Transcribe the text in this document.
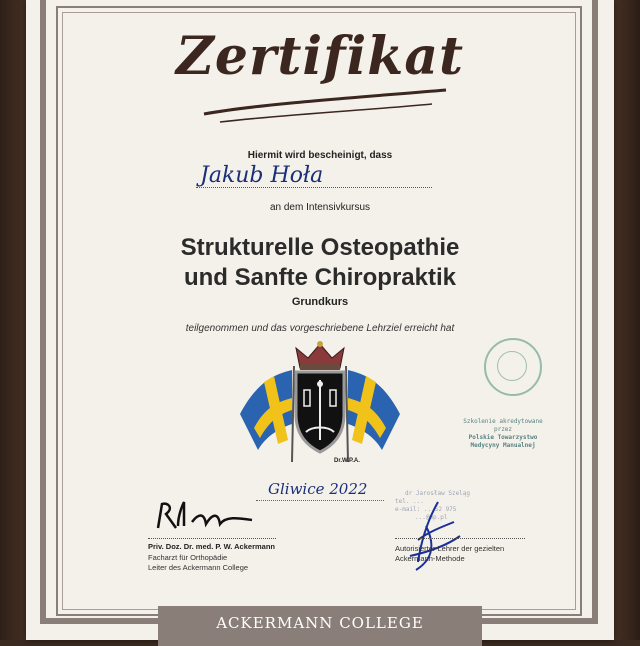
Zertifikat
Hiermit wird bescheinigt, dass
Jakub Hoła
an dem Intensivkursus
Strukturelle Osteopathie
und Sanfte Chiropraktik
Grundkurs
teilgenommen und das vorgeschriebene Lehrziel erreicht hat
Szkolenie akredytowane przez
Polskie Towarzystwo
Medycyny Manualnej
Dr.W.P.A.
Gliwice 2022
Priv. Doz. Dr. med. P. W. Ackermann
Facharzt für Orthopädie
Leiter des Ackermann College
dr Jarosław Szeląg
tel. ...
e-mail: ...52 975
...@wp.pl
Autorisierter Lehrer der gezielten
Ackermann-Methode
ACKERMANN COLLEGE
